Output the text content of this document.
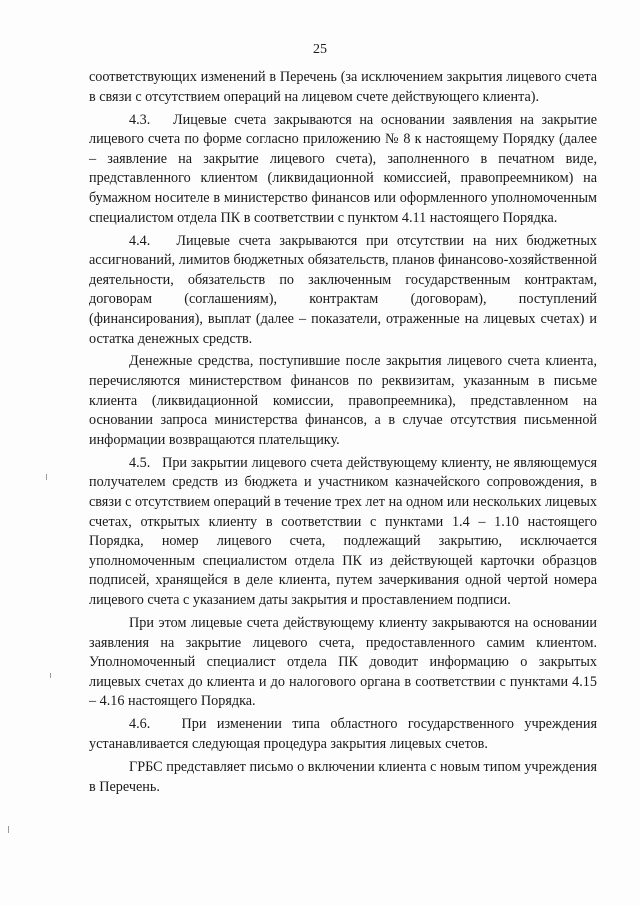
25

соответствующих изменений в Перечень (за исключением закрытия лицевого счета в связи с отсутствием операций на лицевом счете действующего клиента).

4.3.   Лицевые счета закрываются на основании заявления на закрытие лицевого счета по форме согласно приложению № 8 к настоящему Порядку (далее – заявление на закрытие лицевого счета), заполненного в печатном виде, представленного клиентом (ликвидационной комиссией, правопреемником) на бумажном носителе в министерство финансов или оформленного уполномоченным специалистом отдела ПК в соответствии с пунктом 4.11 настоящего Порядка.

4.4.   Лицевые счета закрываются при отсутствии на них бюджетных ассигнований, лимитов бюджетных обязательств, планов финансово-хозяйственной деятельности, обязательств по заключенным государственным контрактам, договорам (соглашениям), контрактам (договорам), поступлений (финансирования), выплат (далее – показатели, отраженные на лицевых счетах) и остатка денежных средств.

Денежные средства, поступившие после закрытия лицевого счета клиента, перечисляются министерством финансов по реквизитам, указанным в письме клиента (ликвидационной комиссии, правопреемника), представленном на основании запроса министерства финансов, а в случае отсутствия письменной информации возвращаются плательщику.

4.5.   При закрытии лицевого счета действующему клиенту, не являющемуся получателем средств из бюджета и участником казначейского сопровождения, в связи с отсутствием операций в течение трех лет на одном или нескольких лицевых счетах, открытых клиенту в соответствии с пунктами 1.4 – 1.10 настоящего Порядка, номер лицевого счета, подлежащий закрытию, исключается уполномоченным специалистом отдела ПК из действующей карточки образцов подписей, хранящейся в деле клиента, путем зачеркивания одной чертой номера лицевого счета с указанием даты закрытия и проставлением подписи.

При этом лицевые счета действующему клиенту закрываются на основании заявления на закрытие лицевого счета, предоставленного самим клиентом. Уполномоченный специалист отдела ПК доводит информацию о закрытых лицевых счетах до клиента и до налогового органа в соответствии с пунктами 4.15 – 4.16 настоящего Порядка.

4.6.   При изменении типа областного государственного учреждения устанавливается следующая процедура закрытия лицевых счетов.

ГРБС представляет письмо о включении клиента с новым типом учреждения в Перечень.
